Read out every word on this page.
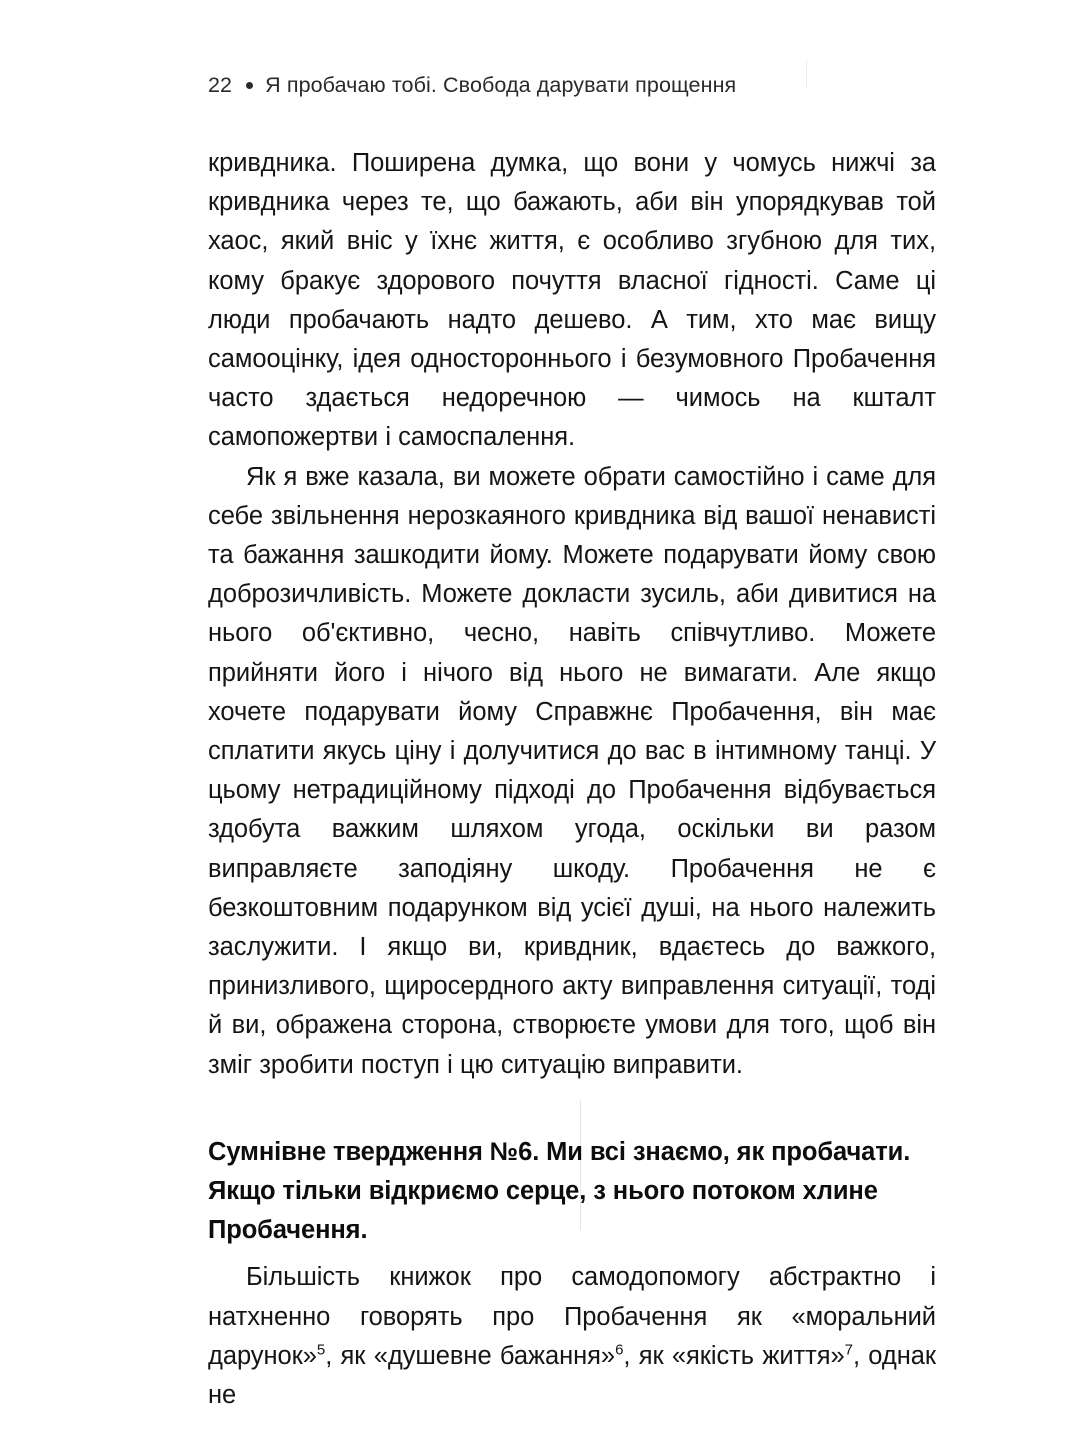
22 Я пробачаю тобі. Свобода дарувати прощення

кривдника. Поширена думка, що вони у чомусь нижчі за кривдника через те, що бажають, аби він упорядкував той хаос, який вніс у їхнє життя, є особливо згубною для тих, кому бракує здорового почуття власної гідності. Саме ці люди пробачають надто дешево. А тим, хто має вищу самооцінку, ідея одностороннього і безумовного Пробачення часто здається недоречною — чимось на кшталт самопожертви і самоспалення.

Як я вже казала, ви можете обрати самостійно і саме для себе звільнення нерозкаяного кривдника від вашої ненависті та бажання зашкодити йому. Можете подарувати йому свою доброзичливість. Можете докласти зусиль, аби дивитися на нього об'єктивно, чесно, навіть співчутливо. Можете прийняти його і нічого від нього не вимагати. Але якщо хочете подарувати йому Справжнє Пробачення, він має сплатити якусь ціну і долучитися до вас в інтимному танці. У цьому нетрадиційному підході до Пробачення відбувається здобута важким шляхом угода, оскільки ви разом виправляєте заподіяну шкоду. Пробачення не є безкоштовним подарунком від усієї душі, на нього належить заслужити. І якщо ви, кривдник, вдаєтесь до важкого, принизливого, щиросердного акту виправлення ситуації, тоді й ви, ображена сторона, створюєте умови для того, щоб він зміг зробити поступ і цю ситуацію виправити.

Сумнівне твердження №6. Ми всі знаємо, як пробачати. Якщо тільки відкриємо серце, з нього потоком хлине Пробачення.

Більшість книжок про самодопомогу абстрактно і натхненно говорять про Пробачення як «моральний дарунок»$^5$, як «душевне бажання»$^6$, як «якість життя»$^7$, однак не
